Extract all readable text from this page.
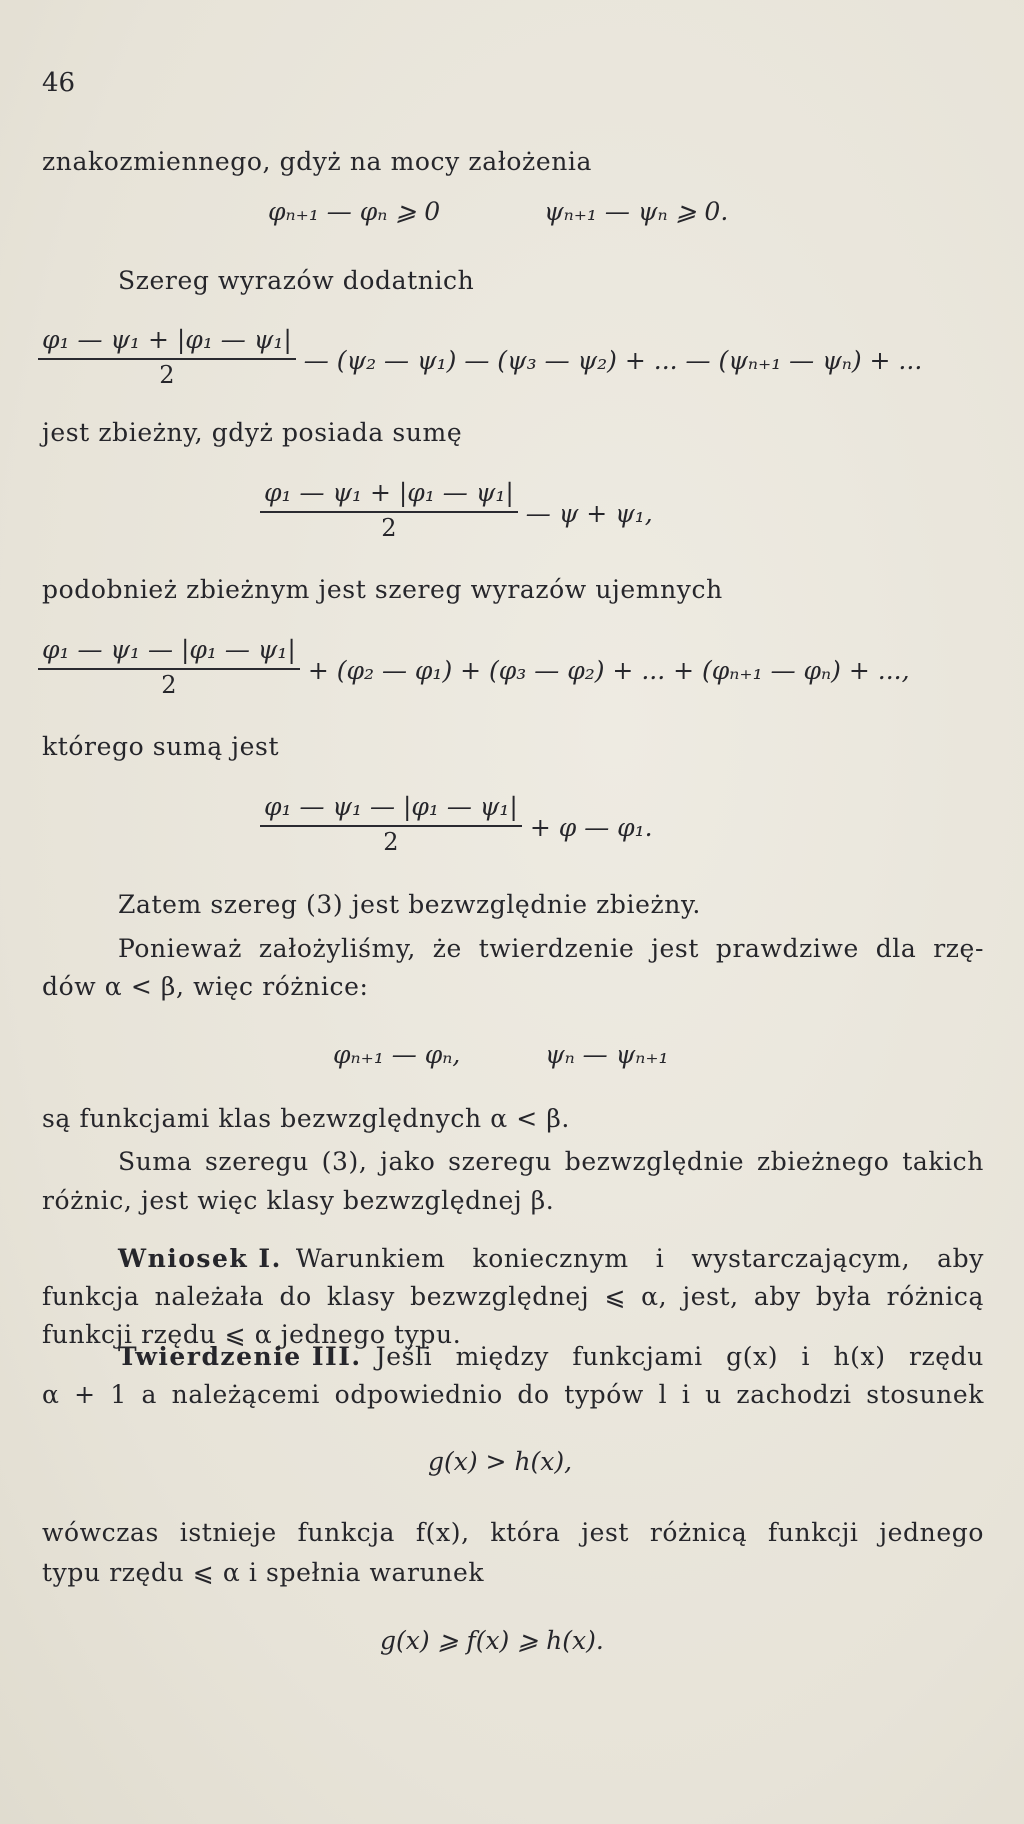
46
znakozmiennego, gdyż na mocy założenia
φₙ₊₁ — φₙ ⩾ 0	ψₙ₊₁ — ψₙ ⩾ 0.
Szereg wyrazów dodatnich
$\frac{\text{φ₁ — ψ₁ + |φ₁ — ψ₁|}}{2}$ — (ψ₂ — ψ₁) — (ψ₃ — ψ₂) + ... — (ψₙ₊₁ — ψₙ) + ...
jest zbieżny, gdyż posiada sumę
$\frac{\text{φ₁ — ψ₁ + |φ₁ — ψ₁|}}{2}$ — ψ + ψ₁,
podobnież zbieżnym jest szereg wyrazów ujemnych
$\frac{\text{φ₁ — ψ₁ — |φ₁ — ψ₁|}}{2} + (\varphi_2$ — φ₁) + (φ₃ — φ₂) + ... + (φₙ₊₁ — φₙ) + ...,
którego sumą jest
$\frac{\text{φ₁ — ψ₁ — |φ₁ — ψ₁|}}{2} + \varphi$ — φ₁.
Zatem szereg (3) jest bezwzględnie zbieżny.
Ponieważ założyliśmy, że twierdzenie jest prawdziwe dla rzę-
dów α < β, więc różnice:
φₙ₊₁ — φₙ,	ψₙ — ψₙ₊₁
są funkcjami klas bezwzględnych α < β.
Suma szeregu (3), jako szeregu bezwzględnie zbieżnego takich
różnic, jest więc klasy bezwzględnej β.
Wniosek I. Warunkiem koniecznym i wystarczającym, aby
funkcja należała do klasy bezwzględnej ⩽ α, jest, aby była różnicą
funkcji rzędu ⩽ α jednego typu.
Twierdzenie III. Jeśli między funkcjami g(x) i h(x) rzędu
α + 1 a należącemi odpowiednio do typów l i u zachodzi stosunek
g(x) > h(x),
wówczas istnieje funkcja f(x), która jest różnicą funkcji jednego
typu rzędu ⩽ α i spełnia warunek
g(x) ⩾ f(x) ⩾ h(x).
